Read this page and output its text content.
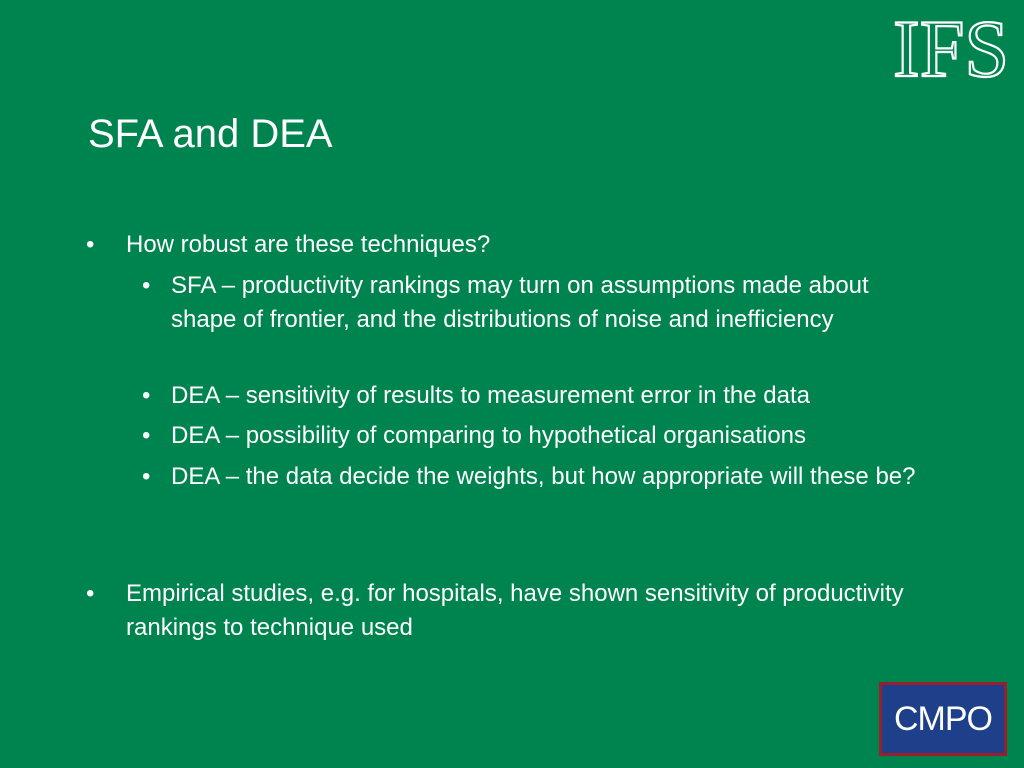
IFS
SFA and DEA
• How robust are these techniques?
• SFA – productivity rankings may turn on assumptions made about shape of frontier, and the distributions of noise and inefficiency
• DEA – sensitivity of results to measurement error in the data
• DEA – possibility of comparing to hypothetical organisations
• DEA – the data decide the weights, but how appropriate will these be?
• Empirical studies, e.g. for hospitals, have shown sensitivity of productivity rankings to technique used
CMPO
